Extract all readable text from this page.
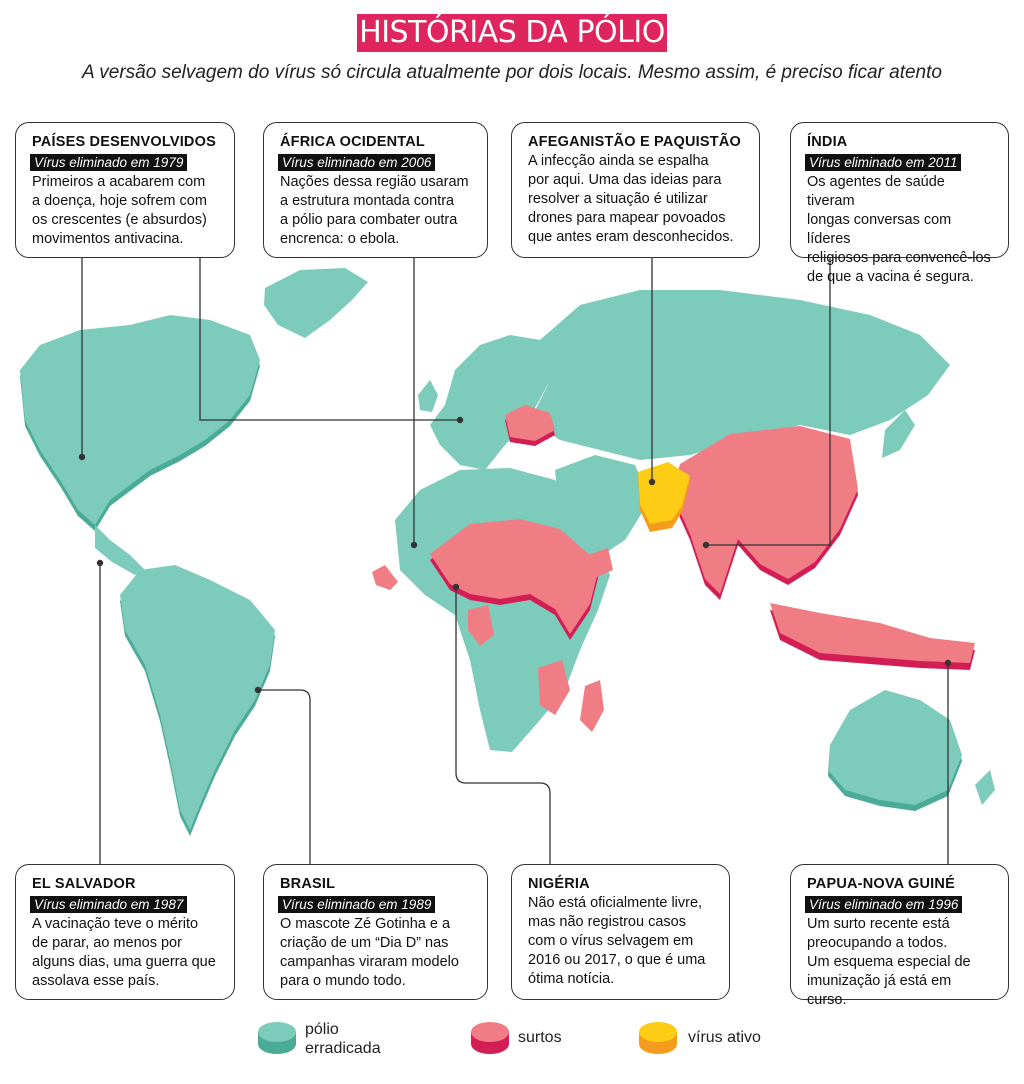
HISTÓRIAS DA PÓLIO
A versão selvagem do vírus só circula atualmente por dois locais. Mesmo assim, é preciso ficar atento
PAÍSES DESENVOLVIDOS
Vírus eliminado em 1979
Primeiros a acabarem com
a doença, hoje sofrem com
os crescentes (e absurdos)
movimentos antivacina.
ÁFRICA OCIDENTAL
Vírus eliminado em 2006
Nações dessa região usaram
a estrutura montada contra
a pólio para combater outra
encrenca: o ebola.
AFEGANISTÃO E PAQUISTÃO
A infecção ainda se espalha
por aqui. Uma das ideias para
resolver a situação é utilizar
drones para mapear povoados
que antes eram desconhecidos.
ÍNDIA
Vírus eliminado em 2011
Os agentes de saúde tiveram
longas conversas com líderes
religiosos para convencê-los
de que a vacina é segura.
EL SALVADOR
Vírus eliminado em 1987
A vacinação teve o mérito
de parar, ao menos por
alguns dias, uma guerra que
assolava esse país.
BRASIL
Vírus eliminado em 1989
O mascote Zé Gotinha e a
criação de um “Dia D” nas
campanhas viraram modelo
para o mundo todo.
NIGÉRIA
Não está oficialmente livre,
mas não registrou casos
com o vírus selvagem em
2016 ou 2017, o que é uma
ótima notícia.
PAPUA-NOVA GUINÉ
Vírus eliminado em 1996
Um surto recente está
preocupando a todos.
Um esquema especial de
imunização já está em curso.
pólio
erradicada
surtos	vírus ativo
